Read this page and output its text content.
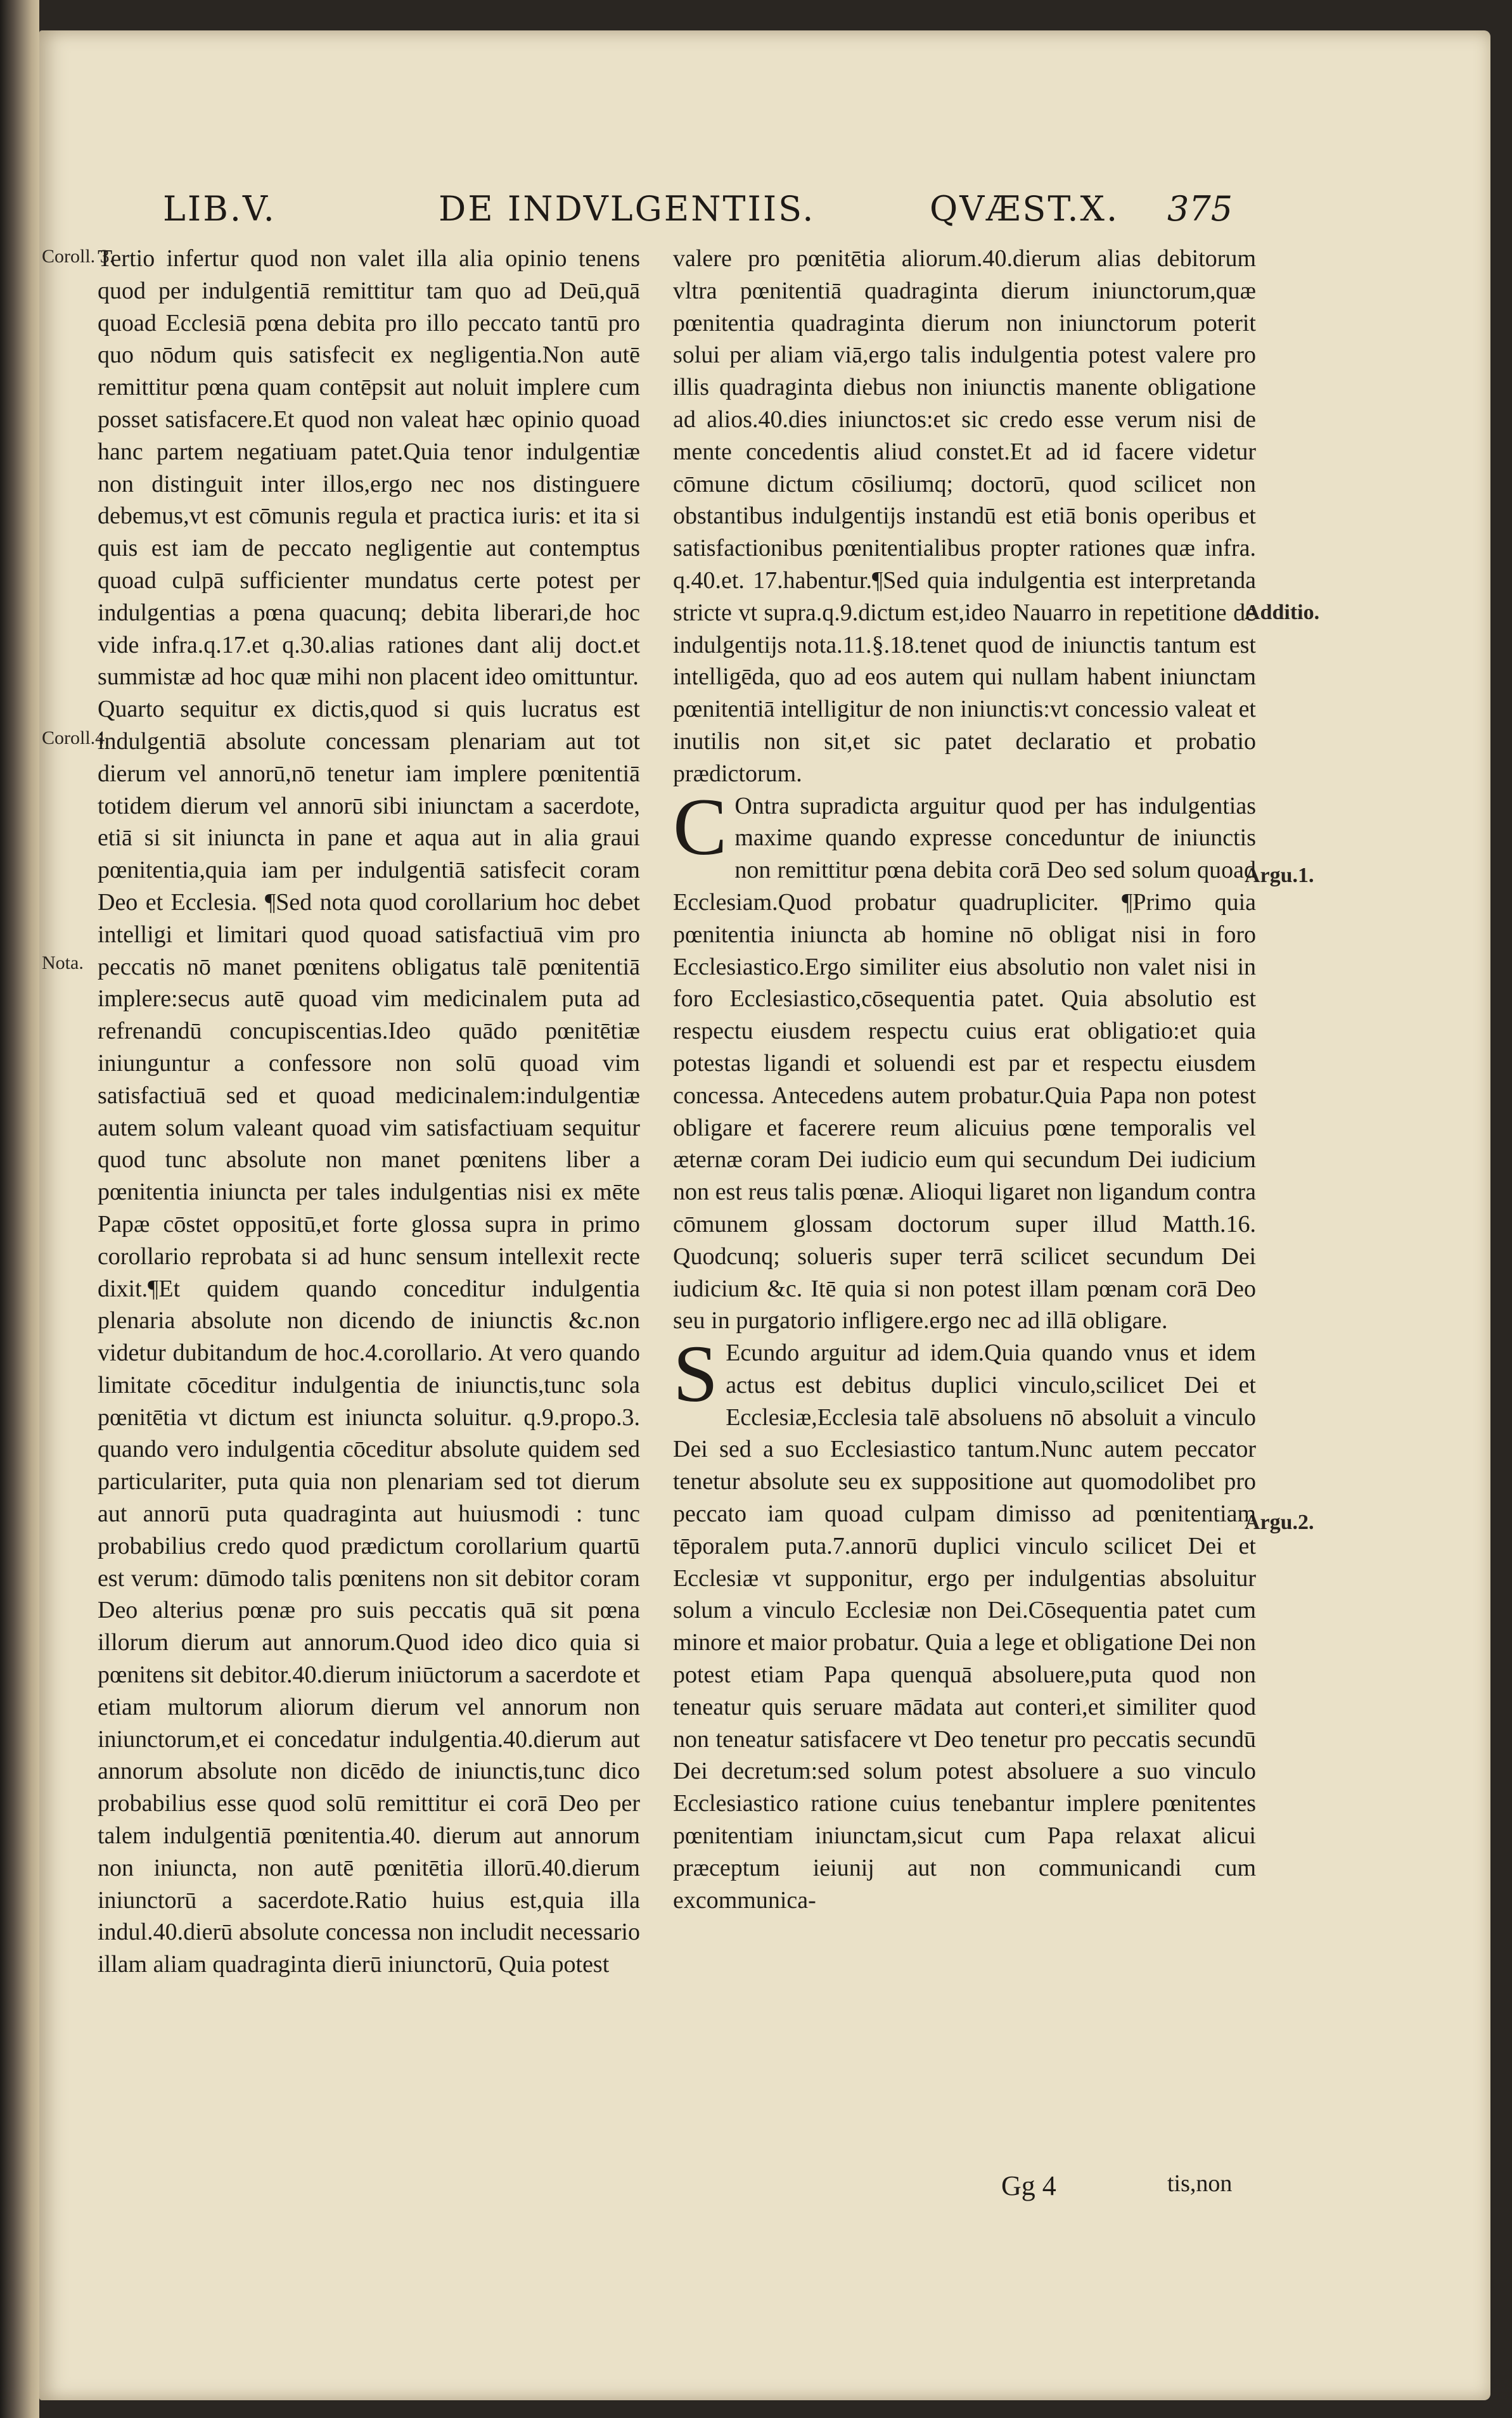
LIB.V.	DE INDVLGENTIIS.	QVÆST.X. 375
Coroll. 3.
Coroll.4.
Nota.
Additio.
Argu.1.
Argu.2.

Tertio infertur quod non valet illa alia opinio tenens quod per indulgentiā remittitur tam quo ad Deū,quā quoad Ecclesiā pœna debita pro illo peccato tantū pro quo nōdum quis satisfecit ex negligentia.Non autē remittitur pœna quam contēpsit aut noluit implere cum posset satisfacere.Et quod non valeat hæc opinio quoad hanc partem negatiuam patet.Quia tenor indulgentiæ non distinguit inter illos,ergo nec nos distinguere debemus,vt est cōmunis regula et practica iuris: et ita si quis est iam de peccato negligentie aut contemptus quoad culpā sufficienter mundatus certe potest per indulgentias a pœna quacunq; debita liberari,de hoc vide infra.q.17.et q.30.alias rationes dant alij doct.et summistæ ad hoc quæ mihi non placent ideo omittuntur.

Quarto sequitur ex dictis,quod si quis lucratus est indulgentiā absolute concessam plenariam aut tot dierum vel annorū,nō tenetur iam implere pœnitentiā totidem dierum vel annorū sibi iniunctam a sacerdote, etiā si sit iniuncta in pane et aqua aut in alia graui pœnitentia,quia iam per indulgentiā satisfecit coram Deo et Ecclesia. ¶Sed nota quod corollarium hoc debet intelligi et limitari quod quoad satisfactiuā vim pro peccatis nō manet pœnitens obligatus talē pœnitentiā implere:secus autē quoad vim medicinalem puta ad refrenandū concupiscentias.Ideo quādo pœnitētiæ iniunguntur a confessore non solū quoad vim satisfactiuā sed et quoad medicinalem:indulgentiæ autem solum valeant quoad vim satisfactiuam sequitur quod tunc absolute non manet pœnitens liber a pœnitentia iniuncta per tales indulgentias nisi ex mēte Papæ cōstet oppositū,et forte glossa supra in primo corollario reprobata si ad hunc sensum intellexit recte dixit.¶Et quidem quando conceditur indulgentia plenaria absolute non dicendo de iniunctis &c.non videtur dubitandum de hoc.4.corollario. At vero quando limitate cōceditur indulgentia de iniunctis,tunc sola pœnitētia vt dictum est iniuncta soluitur. q.9.propo.3. quando vero indulgentia cōceditur absolute quidem sed particulariter, puta quia non plenariam sed tot dierum aut annorū puta quadraginta aut huiusmodi : tunc probabilius credo quod prædictum corollarium quartū est verum: dūmodo talis pœnitens non sit debitor coram Deo alterius pœnæ pro suis peccatis quā sit pœna illorum dierum aut annorum.Quod ideo dico quia si pœnitens sit debitor.40.dierum iniūctorum a sacerdote et etiam multorum aliorum dierum vel annorum non iniunctorum,et ei concedatur indulgentia.40.dierum aut annorum absolute non dicēdo de iniunctis,tunc dico probabilius esse quod solū remittitur ei corā Deo per talem indulgentiā pœnitentia.40. dierum aut annorum non iniuncta, non autē pœnitētia illorū.40.dierum iniunctorū a sacerdote.Ratio huius est,quia illa indul.40.dierū absolute concessa non includit necessario illam aliam quadraginta dierū iniunctorū, Quia potest

valere pro pœnitētia aliorum.40.dierum alias debitorum vltra pœnitentiā quadraginta dierum iniunctorum,quæ pœnitentia quadraginta dierum non iniunctorum poterit solui per aliam viā,ergo talis indulgentia potest valere pro illis quadraginta diebus non iniunctis manente obligatione ad alios.40.dies iniunctos:et sic credo esse verum nisi de mente concedentis aliud constet.Et ad id facere videtur cōmune dictum cōsiliumq; doctorū, quod scilicet non obstantibus indulgentijs instandū est etiā bonis operibus et satisfactionibus pœnitentialibus propter rationes quæ infra. q.40.et. 17.habentur.¶Sed quia indulgentia est interpretanda stricte vt supra.q.9.dictum est,ideo Nauarro in repetitione de indulgentijs nota.11.§.18.tenet quod de iniunctis tantum est intelligēda, quo ad eos autem qui nullam habent iniunctam pœnitentiā intelligitur de non iniunctis:vt concessio valeat et inutilis non sit,et sic patet declaratio et probatio prædictorum.

C Ontra supradicta arguitur quod per has indulgentias maxime quando expresse conceduntur de iniunctis non remittitur pœna debita corā Deo sed solum quoad Ecclesiam.Quod probatur quadrupliciter. ¶Primo quia pœnitentia iniuncta ab homine nō obligat nisi in foro Ecclesiastico.Ergo similiter eius absolutio non valet nisi in foro Ecclesiastico,cōsequentia patet. Quia absolutio est respectu eiusdem respectu cuius erat obligatio:et quia potestas ligandi et soluendi est par et respectu eiusdem concessa. Antecedens autem probatur.Quia Papa non potest obligare et facerere reum alicuius pœne temporalis vel æternæ coram Dei iudicio eum qui secundum Dei iudicium non est reus talis pœnæ. Alioqui ligaret non ligandum contra cōmunem glossam doctorum super illud Matth.16. Quodcunq; solueris super terrā scilicet secundum Dei iudicium &c. Itē quia si non potest illam pœnam corā Deo seu in purgatorio infligere.ergo nec ad illā obligare.

S Ecundo arguitur ad idem.Quia quando vnus et idem actus est debitus duplici vinculo,scilicet Dei et Ecclesiæ,Ecclesia talē absoluens nō absoluit a vinculo Dei sed a suo Ecclesiastico tantum.Nunc autem peccator tenetur absolute seu ex suppositione aut quomodolibet pro peccato iam quoad culpam dimisso ad pœnitentiam tēporalem puta.7.annorū duplici vinculo scilicet Dei et Ecclesiæ vt supponitur, ergo per indulgentias absoluitur solum a vinculo Ecclesiæ non Dei.Cōsequentia patet cum minore et maior probatur. Quia a lege et obligatione Dei non potest etiam Papa quenquā absoluere,puta quod non teneatur quis seruare mādata aut conteri,et similiter quod non teneatur satisfacere vt Deo tenetur pro peccatis secundū Dei decretum:sed solum potest absoluere a suo vinculo Ecclesiastico ratione cuius tenebantur implere pœnitentes pœnitentiam iniunctam,sicut cum Papa relaxat alicui præceptum ieiunij aut non communicandi cum excommunica-

Gg 4	tis,non
